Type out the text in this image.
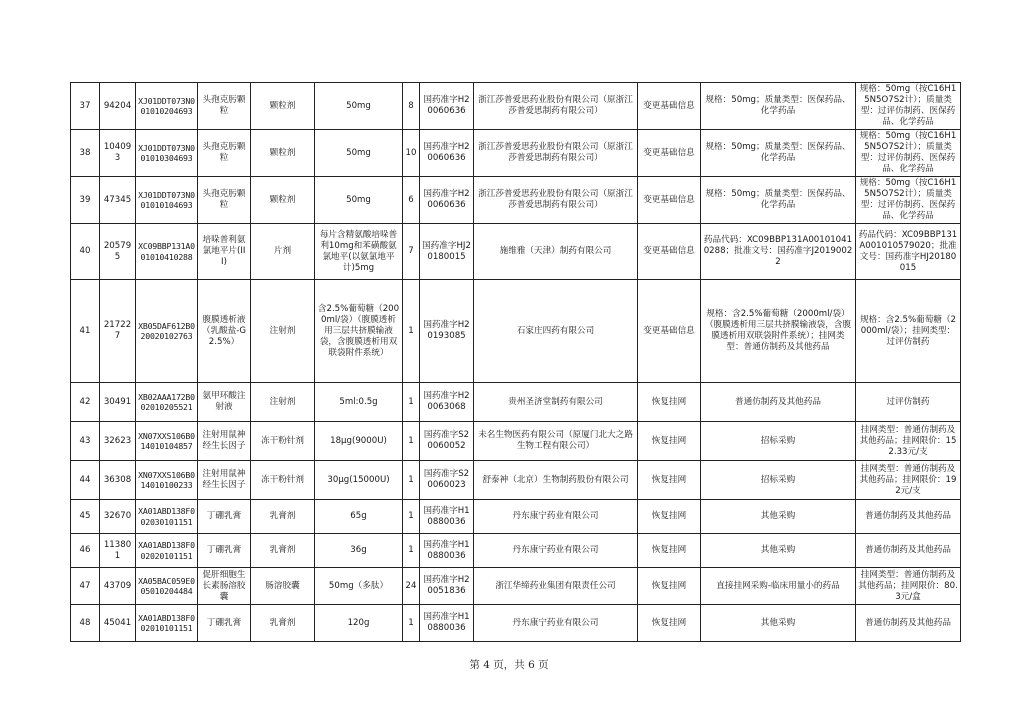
37	94204	XJ01DDT073N001010204693	头孢克肟颗粒	颗粒剂	50mg	8	国药准字H20060636	浙江莎普爱思药业股份有限公司（原浙江莎普爱思制药有限公司）	变更基础信息	规格：50mg；质量类型：医保药品、化学药品	规格：50mg（按C16H15N5O7S2计）；质量类型：过评仿制药、医保药品、化学药品
38	104093	XJ01DDT073N001010304693	头孢克肟颗粒	颗粒剂	50mg	10	国药准字H20060636	浙江莎普爱思药业股份有限公司（原浙江莎普爱思制药有限公司）	变更基础信息	规格：50mg；质量类型：医保药品、化学药品	规格：50mg（按C16H15N5O7S2计）；质量类型：过评仿制药、医保药品、化学药品
39	47345	XJ01DDT073N001010104693	头孢克肟颗粒	颗粒剂	50mg	6	国药准字H20060636	浙江莎普爱思药业股份有限公司（原浙江莎普爱思制药有限公司）	变更基础信息	规格：50mg；质量类型：医保药品、化学药品	规格：50mg（按C16H15N5O7S2计）；质量类型：过评仿制药、医保药品、化学药品
40	205795	XC09BBP131A001010410288	培哚普利氨氯地平片(III)	片剂	每片含精氨酸培哚普利10mg和苯磺酸氨氯地平(以氨氯地平计)5mg	7	国药准字HJ20180015	施维雅（天津）制药有限公司	变更基础信息	药品代码：XC09BBP131A001010410288；批准文号：国药准字J20190022	药品代码：XC09BBP131A001010579020；批准文号：国药准字HJ20180015
41	217227	XB05DAF612B020020102763	腹膜透析液（乳酸盐-G2.5%）	注射剂	含2.5%葡萄糖（2000ml/袋）（腹膜透析用三层共挤膜输液袋，含腹膜透析用双联袋附件系统）	1	国药准字H20193085	石家庄四药有限公司	变更基础信息	规格：含2.5%葡萄糖（2000ml/袋）（腹膜透析用三层共挤膜输液袋，含腹膜透析用双联袋附件系统）；挂网类型：普通仿制药及其他药品	规格：含2.5%葡萄糖（2000ml/袋）；挂网类型：过评仿制药
42	30491	XB02AAA172B002010205521	氨甲环酸注射液	注射剂	5ml:0.5g	1	国药准字H20063068	贵州圣济堂制药有限公司	恢复挂网	普通仿制药及其他药品	过评仿制药
43	32623	XN07XXS106B014010104857	注射用鼠神经生长因子	冻干粉针剂	18μg(9000U)	1	国药准字S20060052	未名生物医药有限公司（原厦门北大之路生物工程有限公司）	恢复挂网	招标采购	挂网类型：普通仿制药及其他药品；挂网限价：152.33元/支
44	36308	XN07XXS106B014010100233	注射用鼠神经生长因子	冻干粉针剂	30μg(15000U)	1	国药准字S20060023	舒泰神（北京）生物制药股份有限公司	恢复挂网	招标采购	挂网类型：普通仿制药及其他药品；挂网限价：192元/支
45	32670	XA01ABD138F002030101151	丁硼乳膏	乳膏剂	65g	1	国药准字H10880036	丹东康宁药业有限公司	恢复挂网	其他采购	普通仿制药及其他药品
46	113801	XA01ABD138F002020101151	丁硼乳膏	乳膏剂	36g	1	国药准字H10880036	丹东康宁药业有限公司	恢复挂网	其他采购	普通仿制药及其他药品
47	43709	XA05BAC059E005010204484	促肝细胞生长素肠溶胶囊	肠溶胶囊	50mg（多肽）	24	国药准字H20051836	浙江华缔药业集团有限责任公司	恢复挂网	直接挂网采购-临床用量小的药品	挂网类型：普通仿制药及其他药品；挂网限价：80.3元/盒
48	45041	XA01ABD138F002010101151	丁硼乳膏	乳膏剂	120g	1	国药准字H10880036	丹东康宁药业有限公司	恢复挂网	其他采购	普通仿制药及其他药品
第 4 页，共 6 页
